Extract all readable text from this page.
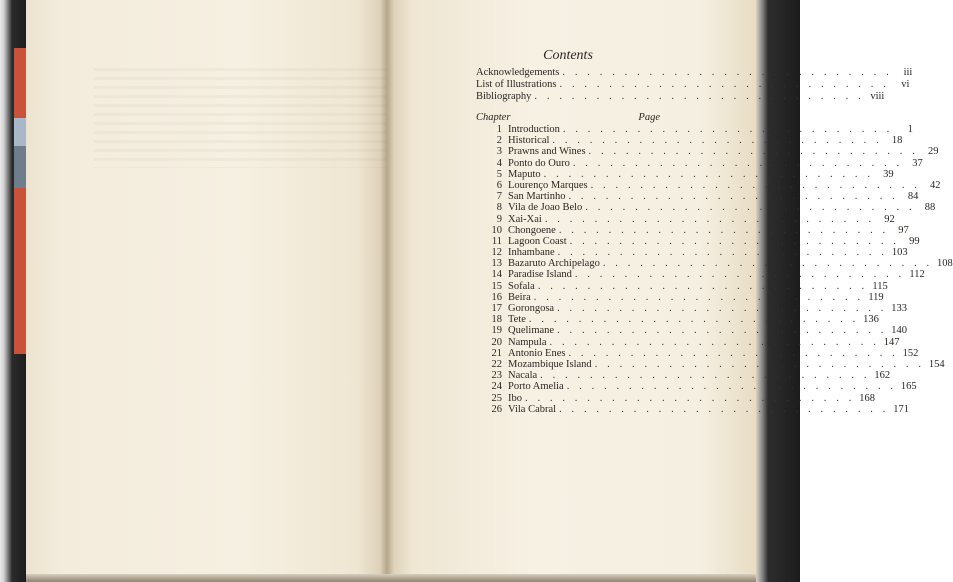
Contents
Acknowledgements . . . . . . . . . . . . . . . . . . . . . . . . . . .	iii
List of Illustrations . . . . . . . . . . . . . . . . . . . . . . . . . . .	vi
Bibliography . . . . . . . . . . . . . . . . . . . . . . . . . . . viii
Chapter	Page
1 Introduction . . . . . . . . . . . . . . . . . . . . . . . . . . .	1
2 Historical . . . . . . . . . . . . . . . . . . . . . . . . . . . 18
3 Prawns and Wines . . . . . . . . . . . . . . . . . . . . . . . . . . . 29
4 Ponto do Ouro . . . . . . . . . . . . . . . . . . . . . . . . . . . 37
5 Maputo . . . . . . . . . . . . . . . . . . . . . . . . . . . 39
6 Lourenço Marques . . . . . . . . . . . . . . . . . . . . . . . . . . . 42
7 San Martinho . . . . . . . . . . . . . . . . . . . . . . . . . . . 84
8 Vila de Joao Belo . . . . . . . . . . . . . . . . . . . . . . . . . . . 88
9 Xai-Xai . . . . . . . . . . . . . . . . . . . . . . . . . . . 92
10 Chongoene . . . . . . . . . . . . . . . . . . . . . . . . . . . 97
11 Lagoon Coast . . . . . . . . . . . . . . . . . . . . . . . . . . . 99
12 Inhambane . . . . . . . . . . . . . . . . . . . . . . . . . . . 103
13 Bazaruto Archipelago . . . . . . . . . . . . . . . . . . . . . . . . . . . 108
14 Paradise Island . . . . . . . . . . . . . . . . . . . . . . . . . . . 112
15 Sofala . . . . . . . . . . . . . . . . . . . . . . . . . . . 115
16 Beira . . . . . . . . . . . . . . . . . . . . . . . . . . . 119
17 Gorongosa . . . . . . . . . . . . . . . . . . . . . . . . . . . 133
18 Tete . . . . . . . . . . . . . . . . . . . . . . . . . . . 136
19 Quelimane . . . . . . . . . . . . . . . . . . . . . . . . . . . 140
20 Nampula . . . . . . . . . . . . . . . . . . . . . . . . . . . 147
21 Antonio Enes . . . . . . . . . . . . . . . . . . . . . . . . . . . 152
22 Mozambique Island . . . . . . . . . . . . . . . . . . . . . . . . . . . 154
23 Nacala . . . . . . . . . . . . . . . . . . . . . . . . . . . 162
24 Porto Amelia . . . . . . . . . . . . . . . . . . . . . . . . . . . 165
25 Ibo . . . . . . . . . . . . . . . . . . . . . . . . . . . 168
26 Vila Cabral . . . . . . . . . . . . . . . . . . . . . . . . . . . 171
